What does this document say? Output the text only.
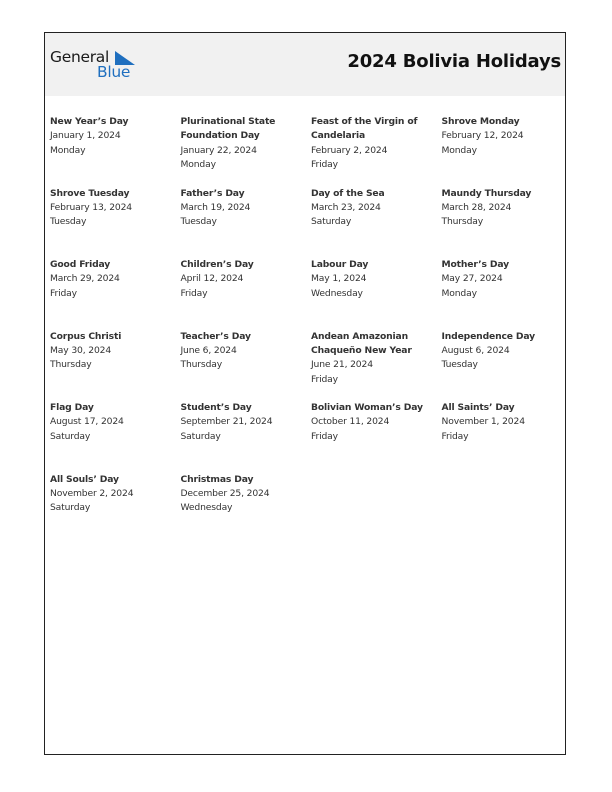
General
Blue	2024 Bolivia Holidays
New Year’s Day
January 1, 2024
Monday
Plurinational State Foundation Day
January 22, 2024
Monday
Feast of the Virgin of Candelaria
February 2, 2024
Friday
Shrove Monday
February 12, 2024
Monday
Shrove Tuesday
February 13, 2024
Tuesday
Father’s Day
March 19, 2024
Tuesday
Day of the Sea
March 23, 2024
Saturday
Maundy Thursday
March 28, 2024
Thursday
Good Friday
March 29, 2024
Friday
Children’s Day
April 12, 2024
Friday
Labour Day
May 1, 2024
Wednesday
Mother’s Day
May 27, 2024
Monday
Corpus Christi
May 30, 2024
Thursday
Teacher’s Day
June 6, 2024
Thursday
Andean Amazonian Chaqueño New Year
June 21, 2024
Friday
Independence Day
August 6, 2024
Tuesday
Flag Day
August 17, 2024
Saturday
Student’s Day
September 21, 2024
Saturday
Bolivian Woman’s Day
October 11, 2024
Friday
All Saints’ Day
November 1, 2024
Friday
All Souls’ Day
November 2, 2024
Saturday
Christmas Day
December 25, 2024
Wednesday
